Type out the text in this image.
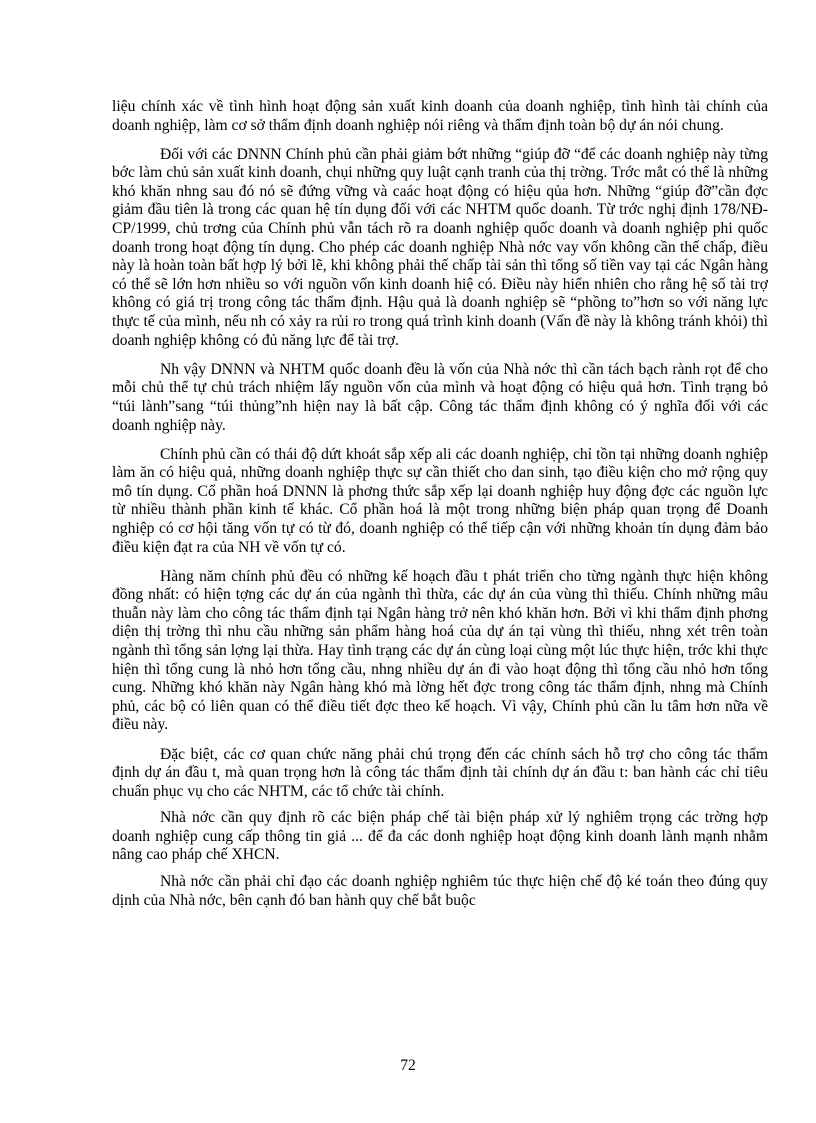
liệu chính xác về tình hình hoạt động sản xuất kinh doanh của doanh nghiệp, tình hình tài chính của doanh nghiệp, làm cơ sở thẩm định doanh nghiệp nói riêng và thẩm định toàn bộ dự án nói chung.

Đối với các DNNN Chính phủ cần phải giảm bớt những “giúp đỡ “để các doanh nghiệp này từng bớc làm chủ sản xuất kinh doanh, chụi những quy luật cạnh tranh của thị trờng. Trớc mắt có thể là những khó khăn nhng sau đó nó sẽ đứng vững và caác hoạt động có hiệu qủa hơn. Những “giúp đỡ”cần đợc giảm đầu tiên là trong các quan hệ tín dụng đối với các NHTM quốc doanh. Từ trớc nghị định 178/NĐ- CP/1999, chủ trơng của Chính phủ vẫn tách rõ ra doanh nghiệp quốc doanh và doanh nghiệp phi quốc doanh trong hoạt động tín dụng. Cho phép các doanh nghiệp Nhà nớc vay vốn không cần thế chấp, điều này là hoàn toàn bất hợp lý bởi lẽ, khi không phải thế chấp tài sản thì tổng số tiền vay tại các Ngân hàng có thể sẽ lớn hơn nhiều so với nguồn vốn kinh doanh hiệ có. Điều này hiển nhiên cho rằng hệ số tài trợ không có giá trị trong công tác thẩm định. Hậu quả là doanh nghiệp sẽ “phồng to”hơn so với năng lực thực tế của mình, nếu nh có xảy ra rủi ro trong quá trình kinh doanh (Vấn đề này là không tránh khỏi) thì doanh nghiệp không có đủ năng lực để tài trợ.

Nh vậy DNNN và NHTM quốc doanh đều là vốn của Nhà nớc thì cần tách bạch rành rọt để cho mỗi chủ thể tự chủ trách nhiệm lấy nguồn vốn của mình và hoạt động có hiệu quả hơn. Tình trạng bỏ “túi lành”sang “túi thủng”nh hiện nay là bất cập. Công tác thẩm định không có ý nghĩa đối với các doanh nghiệp này.

Chính phủ cần có thái độ dứt khoát sắp xếp ali các doanh nghiệp, chỉ tồn tại những doanh nghiệp làm ăn có hiệu quả, những doanh nghiệp thực sự cần thiết cho dan sinh, tạo điều kiện cho mở rộng quy mô tín dụng. Cổ phần hoá DNNN là phơng thức sắp xếp lại doanh nghiệp huy động đợc các nguồn lực từ nhiều thành phần kinh tế khác. Cổ phần hoá là một trong những biện pháp quan trọng để Doanh nghiệp có cơ hội tăng vốn tự có từ đó, doanh nghiệp có thể tiếp cận với những khoản tín dụng đảm bảo điều kiện đạt ra của NH về vốn tự có.

Hàng năm chính phủ đều có những kế hoạch đầu t phát triển cho từng ngành thực hiện không đồng nhất: có hiện tợng các dự án của ngành thì thừa, các dự án của vùng thì thiếu. Chính những mâu thuẫn này làm cho công tác thẩm định tại Ngân hàng trở nên khó khăn hơn. Bởi vì khi thẩm định phơng diện thị trờng thì nhu cầu những sản phẩm hàng hoá của dự án tại vùng thì thiếu, nhng xét trên toàn ngành thì tổng sản lợng lại thừa. Hay tình trạng các dự án cùng loại cùng một lúc thực hiện, trớc khi thực hiện thì tổng cung là nhỏ hơn tổng cầu, nhng nhiều dự án đi vào hoạt động thì tổng cầu nhỏ hơn tổng cung. Những khó khăn này Ngân hàng khó mà lờng hết đợc trong công tác thẩm định, nhng mà Chính phủ, các bộ có liên quan có thể điều tiết đợc theo kế hoạch. Vì vậy, Chính phủ cần lu tâm hơn nữa về điều này.

Đặc biệt, các cơ quan chức năng phải chú trọng đến các chính sách hỗ trợ cho công tác thẩm định dự án đầu t, mà quan trọng hơn là công tác thẩm định tài chính dự án đầu t: ban hành các chỉ tiêu chuẩn phục vụ cho các NHTM, các tổ chức tài chính.

Nhà nớc cần quy định rõ các biện pháp chế tài biện pháp xử lý nghiêm trọng các trờng hợp doanh nghiệp cung cấp thông tin giả ... để đa các donh nghiệp hoạt động kinh doanh lành mạnh nhằm nâng cao pháp chế XHCN.

Nhà nớc cần phải chỉ đạo các doanh nghiệp nghiêm túc thực hiện chế độ ké toán theo đúng quy dịnh của Nhà nớc, bên cạnh đó ban hành quy chế bắt buộc

72
